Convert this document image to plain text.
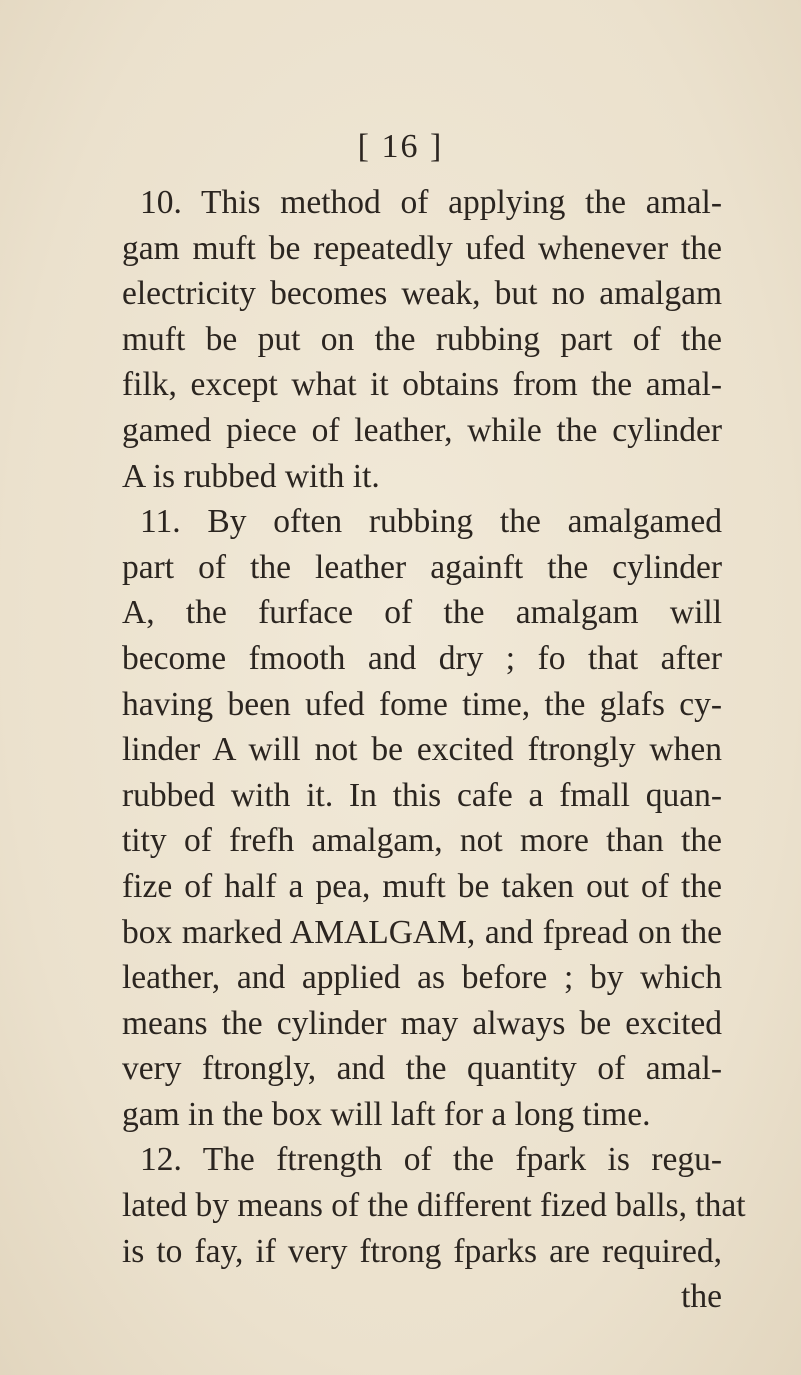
[ 16 ]
10. This method of applying the amal-
gam muft be repeatedly ufed whenever the
electricity becomes weak, but no amalgam
muft be put on the rubbing part of the
filk, except what it obtains from the amal-
gamed piece of leather, while the cylinder
A is rubbed with it.
11. By often rubbing the amalgamed
part of the leather againft the cylinder
A, the furface of the amalgam will
become fmooth and dry ; fo that after
having been ufed fome time, the glafs cy-
linder A will not be excited ftrongly when
rubbed with it. In this cafe a fmall quan-
tity of frefh amalgam, not more than the
fize of half a pea, muft be taken out of the
box marked AMALGAM, and fpread on the
leather, and applied as before ; by which
means the cylinder may always be excited
very ftrongly, and the quantity of amal-
gam in the box will laft for a long time.
12. The ftrength of the fpark is regu-
lated by means of the different fized balls, that
is to fay, if very ftrong fparks are required,
the
